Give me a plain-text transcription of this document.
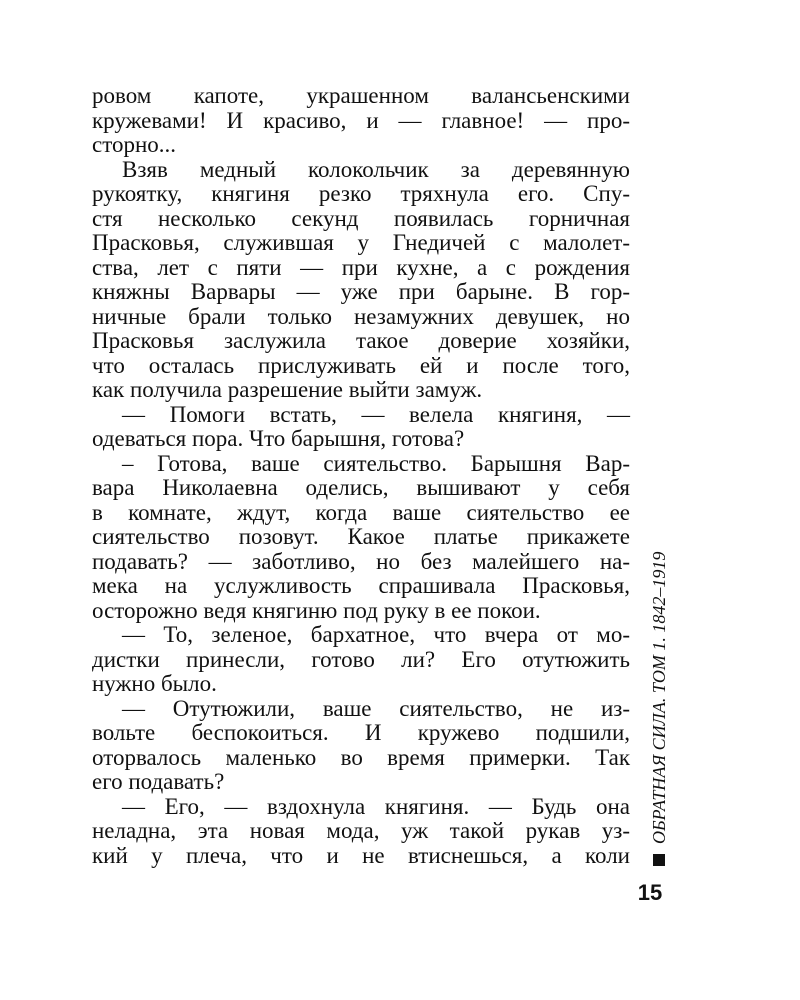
ровом капоте, украшенном валансьенскими
кружевами! И красиво, и — главное! — про-
сторно...
Взяв медный колокольчик за деревянную
рукоятку, княгиня резко тряхнула его. Спу-
стя несколько секунд появилась горничная
Прасковья, служившая у Гнедичей с малолет-
ства, лет с пяти — при кухне, а с рождения
княжны Варвары — уже при барыне. В гор-
ничные брали только незамужних девушек, но
Прасковья заслужила такое доверие хозяйки,
что осталась прислуживать ей и после того,
как получила разрешение выйти замуж.
— Помоги встать, — велела княгиня, —
одеваться пора. Что барышня, готова?
– Готова, ваше сиятельство. Барышня Вар-
вара Николаевна оделись, вышивают у себя
в комнате, ждут, когда ваше сиятельство ее
сиятельство позовут. Какое платье прикажете
подавать? — заботливо, но без малейшего на-
мека на услужливость спрашивала Прасковья,
осторожно ведя княгиню под руку в ее покои.
— То, зеленое, бархатное, что вчера от мо-
дистки принесли, готово ли? Его отутюжить
нужно было.
— Отутюжили, ваше сиятельство, не из-
вольте беспокоиться. И кружево подшили,
оторвалось маленько во время примерки. Так
его подавать?
— Его, — вздохнула княгиня. — Будь она
неладна, эта новая мода, уж такой рукав уз-
кий у плеча, что и не втиснешься, а коли
ОБРАТНАЯ СИЛА. ТОМ 1. 1842–1919
15
